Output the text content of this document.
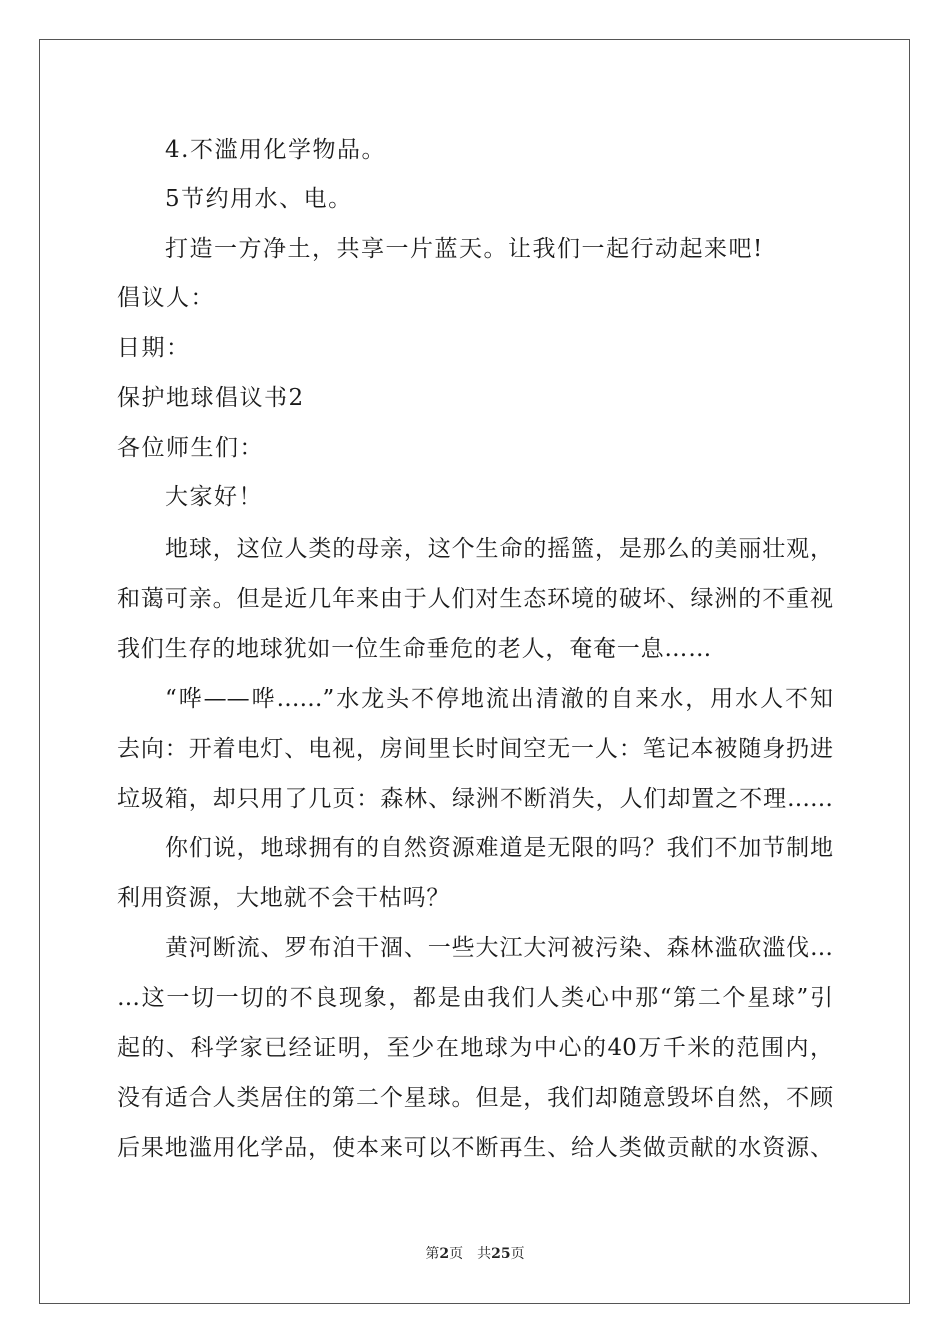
4.不滥用化学物品。
5节约用水、电。
打造一方净土，共享一片蓝天。让我们一起行动起来吧!
倡议人：
日期：
保护地球倡议书2
各位师生们：
大家好！
地球，这位人类的母亲，这个生命的摇篮，是那么的美丽壮观，
和蔼可亲。但是近几年来由于人们对生态环境的破坏、绿洲的不重视
我们生存的地球犹如一位生命垂危的老人，奄奄一息……
“哗——哗……”水龙头不停地流出清澈的自来水，用水人不知
去向：开着电灯、电视，房间里长时间空无一人：笔记本被随身扔进
垃圾箱，却只用了几页：森林、绿洲不断消失，人们却置之不理……
你们说，地球拥有的自然资源难道是无限的吗？我们不加节制地
利用资源，大地就不会干枯吗？
黄河断流、罗布泊干涸、一些大江大河被污染、森林滥砍滥伐…
…这一切一切的不良现象，都是由我们人类心中那“第二个星球”引
起的、科学家已经证明，至少在地球为中心的40万千米的范围内，
没有适合人类居住的第二个星球。但是，我们却随意毁坏自然，不顾
后果地滥用化学品，使本来可以不断再生、给人类做贡献的水资源、
第2页　共25页
